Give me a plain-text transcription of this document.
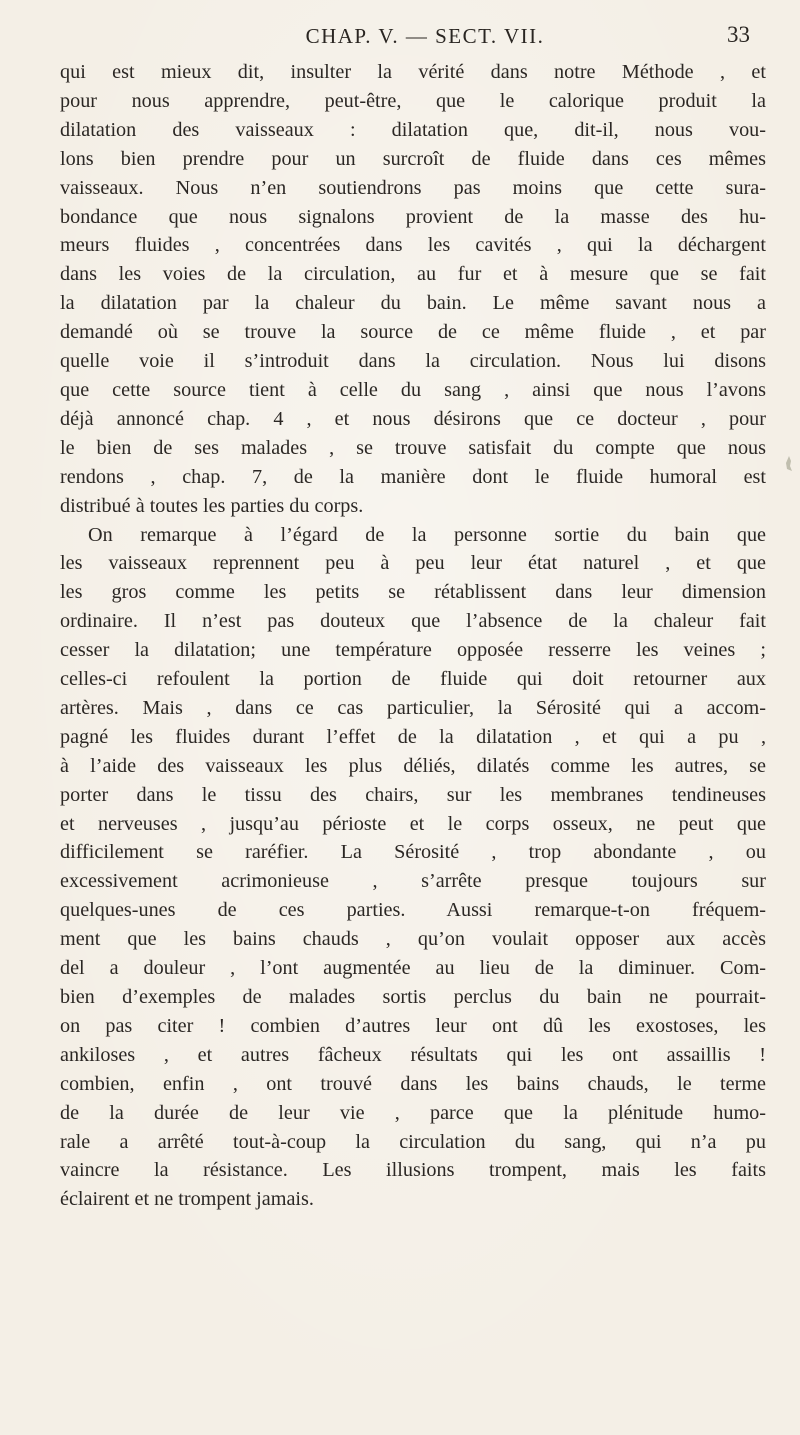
CHAP. V. — SECT. VII.	33

qui est mieux dit, insulter la vérité dans notre Méthode , et
pour nous apprendre, peut-être, que le calorique produit la
dilatation des vaisseaux : dilatation que, dit-il, nous vou-
lons bien prendre pour un surcroît de fluide dans ces mêmes
vaisseaux. Nous n’en soutiendrons pas moins que cette sura-
bondance que nous signalons provient de la masse des hu-
meurs fluides , concentrées dans les cavités , qui la déchargent
dans les voies de la circulation, au fur et à mesure que se fait
la dilatation par la chaleur du bain. Le même savant nous a
demandé où se trouve la source de ce même fluide , et par
quelle voie il s’introduit dans la circulation. Nous lui disons
que cette source tient à celle du sang , ainsi que nous l’avons
déjà annoncé chap. 4 , et nous désirons que ce docteur , pour
le bien de ses malades , se trouve satisfait du compte que nous
rendons , chap. 7, de la manière dont le fluide humoral est
distribué à toutes les parties du corps.

On remarque à l’égard de la personne sortie du bain que
les vaisseaux reprennent peu à peu leur état naturel , et que
les gros comme les petits se rétablissent dans leur dimension
ordinaire. Il n’est pas douteux que l’absence de la chaleur fait
cesser la dilatation; une température opposée resserre les veines ;
celles-ci refoulent la portion de fluide qui doit retourner aux
artères. Mais , dans ce cas particulier, la Sérosité qui a accom-
pagné les fluides durant l’effet de la dilatation , et qui a pu ,
à l’aide des vaisseaux les plus déliés, dilatés comme les autres, se
porter dans le tissu des chairs, sur les membranes tendineuses
et nerveuses , jusqu’au périoste et le corps osseux, ne peut que
difficilement se raréfier. La Sérosité , trop abondante , ou
excessivement acrimonieuse , s’arrête presque toujours sur
quelques-unes de ces parties. Aussi remarque-t-on fréquem-
ment que les bains chauds , qu’on voulait opposer aux accès
del a douleur , l’ont augmentée au lieu de la diminuer. Com-
bien d’exemples de malades sortis perclus du bain ne pourrait-
on pas citer ! combien d’autres leur ont dû les exostoses, les
ankiloses , et autres fâcheux résultats qui les ont assaillis !
combien, enfin , ont trouvé dans les bains chauds, le terme
de la durée de leur vie , parce que la plénitude humo-
rale a arrêté tout-à-coup la circulation du sang, qui n’a pu
vaincre la résistance. Les illusions trompent, mais les faits
éclairent et ne trompent jamais.
